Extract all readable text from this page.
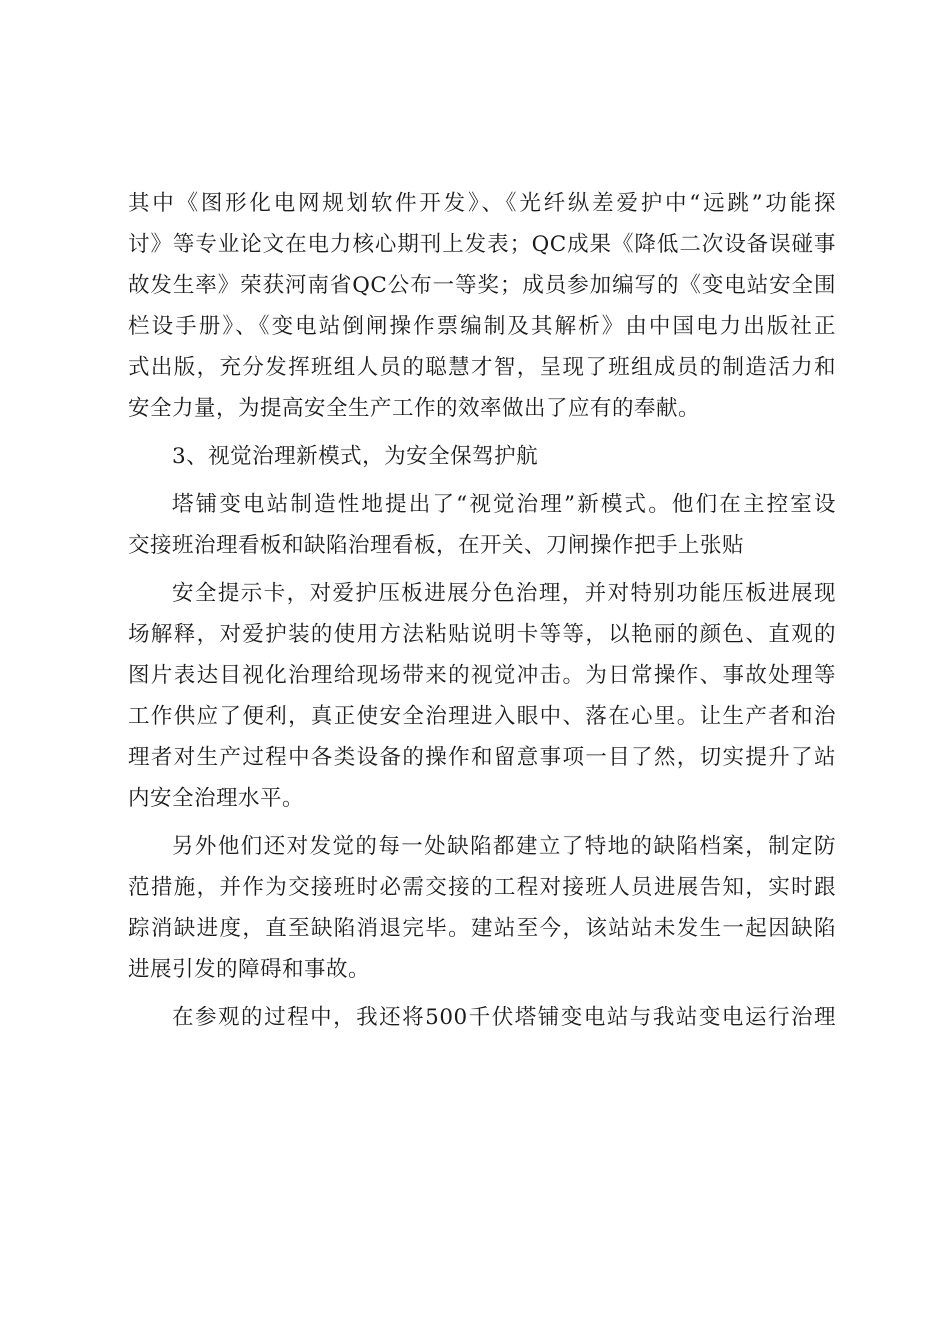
其中《图形化电网规划软件开发》、《光纤纵差爱护中“远跳”功能探
讨》等专业论文在电力核心期刊上发表；QC成果《降低二次设备误碰事
故发生率》荣获河南省QC公布一等奖；成员参加编写的《变电站安全围
栏设手册》、《变电站倒闸操作票编制及其解析》由中国电力出版社正
式出版，充分发挥班组人员的聪慧才智，呈现了班组成员的制造活力和
安全力量，为提高安全生产工作的效率做出了应有的奉献。
3、视觉治理新模式，为安全保驾护航
塔铺变电站制造性地提出了“视觉治理”新模式。他们在主控室设
交接班治理看板和缺陷治理看板，在开关、刀闸操作把手上张贴
安全提示卡，对爱护压板进展分色治理，并对特别功能压板进展现
场解释，对爱护装的使用方法粘贴说明卡等等，以艳丽的颜色、直观的
图片表达目视化治理给现场带来的视觉冲击。为日常操作、事故处理等
工作供应了便利，真正使安全治理进入眼中、落在心里。让生产者和治
理者对生产过程中各类设备的操作和留意事项一目了然，切实提升了站
内安全治理水平。
另外他们还对发觉的每一处缺陷都建立了特地的缺陷档案，制定防
范措施，并作为交接班时必需交接的工程对接班人员进展告知，实时跟
踪消缺进度，直至缺陷消退完毕。建站至今，该站站未发生一起因缺陷
进展引发的障碍和事故。
在参观的过程中，我还将500千伏塔铺变电站与我站变电运行治理
